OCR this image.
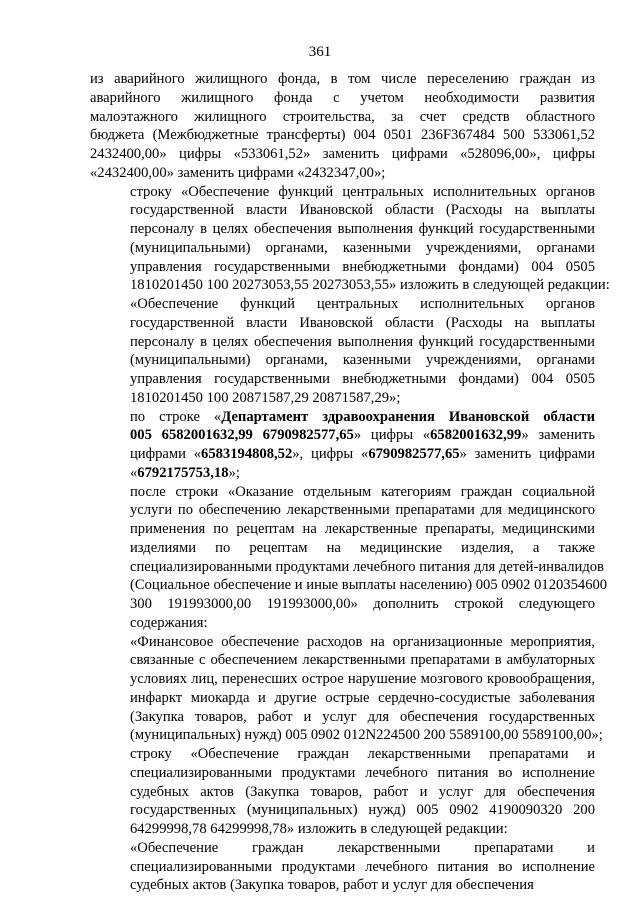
361
из аварийного жилищного фонда, в том числе переселению граждан из
аварийного жилищного фонда с учетом необходимости развития
малоэтажного жилищного строительства, за счет средств областного
бюджета (Межбюджетные трансферты) 004 0501 236F367484 500 533061,52
2432400,00» цифры «533061,52» заменить цифрами «528096,00», цифры
«2432400,00» заменить цифрами «2432347,00»;
строку «Обеспечение функций центральных исполнительных органов
государственной власти Ивановской области (Расходы на выплаты
персоналу в целях обеспечения выполнения функций государственными
(муниципальными) органами, казенными учреждениями, органами
управления государственными внебюджетными фондами) 004 0505
1810201450 100 20273053,55 20273053,55» изложить в следующей редакции:
«Обеспечение функций центральных исполнительных органов
государственной власти Ивановской области (Расходы на выплаты
персоналу в целях обеспечения выполнения функций государственными
(муниципальными) органами, казенными учреждениями, органами
управления государственными внебюджетными фондами) 004 0505
1810201450 100 20871587,29 20871587,29»;
по строке «Департамент здравоохранения Ивановской области
005 6582001632,99 6790982577,65» цифры «6582001632,99» заменить
цифрами «6583194808,52», цифры «6790982577,65» заменить цифрами
«6792175753,18»;
после строки «Оказание отдельным категориям граждан социальной
услуги по обеспечению лекарственными препаратами для медицинского
применения по рецептам на лекарственные препараты, медицинскими
изделиями по рецептам на медицинские изделия, а также
специализированными продуктами лечебного питания для детей-инвалидов
(Социальное обеспечение и иные выплаты населению) 005 0902 0120354600
300 191993000,00 191993000,00» дополнить строкой следующего
содержания:
«Финансовое обеспечение расходов на организационные мероприятия,
связанные с обеспечением лекарственными препаратами в амбулаторных
условиях лиц, перенесших острое нарушение мозгового кровообращения,
инфаркт миокарда и другие острые сердечно-сосудистые заболевания
(Закупка товаров, работ и услуг для обеспечения государственных
(муниципальных) нужд) 005 0902 012N224500 200 5589100,00 5589100,00»;
строку «Обеспечение граждан лекарственными препаратами и
специализированными продуктами лечебного питания во исполнение
судебных актов (Закупка товаров, работ и услуг для обеспечения
государственных (муниципальных) нужд) 005 0902 4190090320 200
64299998,78 64299998,78» изложить в следующей редакции:
«Обеспечение граждан лекарственными препаратами и
специализированными продуктами лечебного питания во исполнение
судебных актов (Закупка товаров, работ и услуг для обеспечения
